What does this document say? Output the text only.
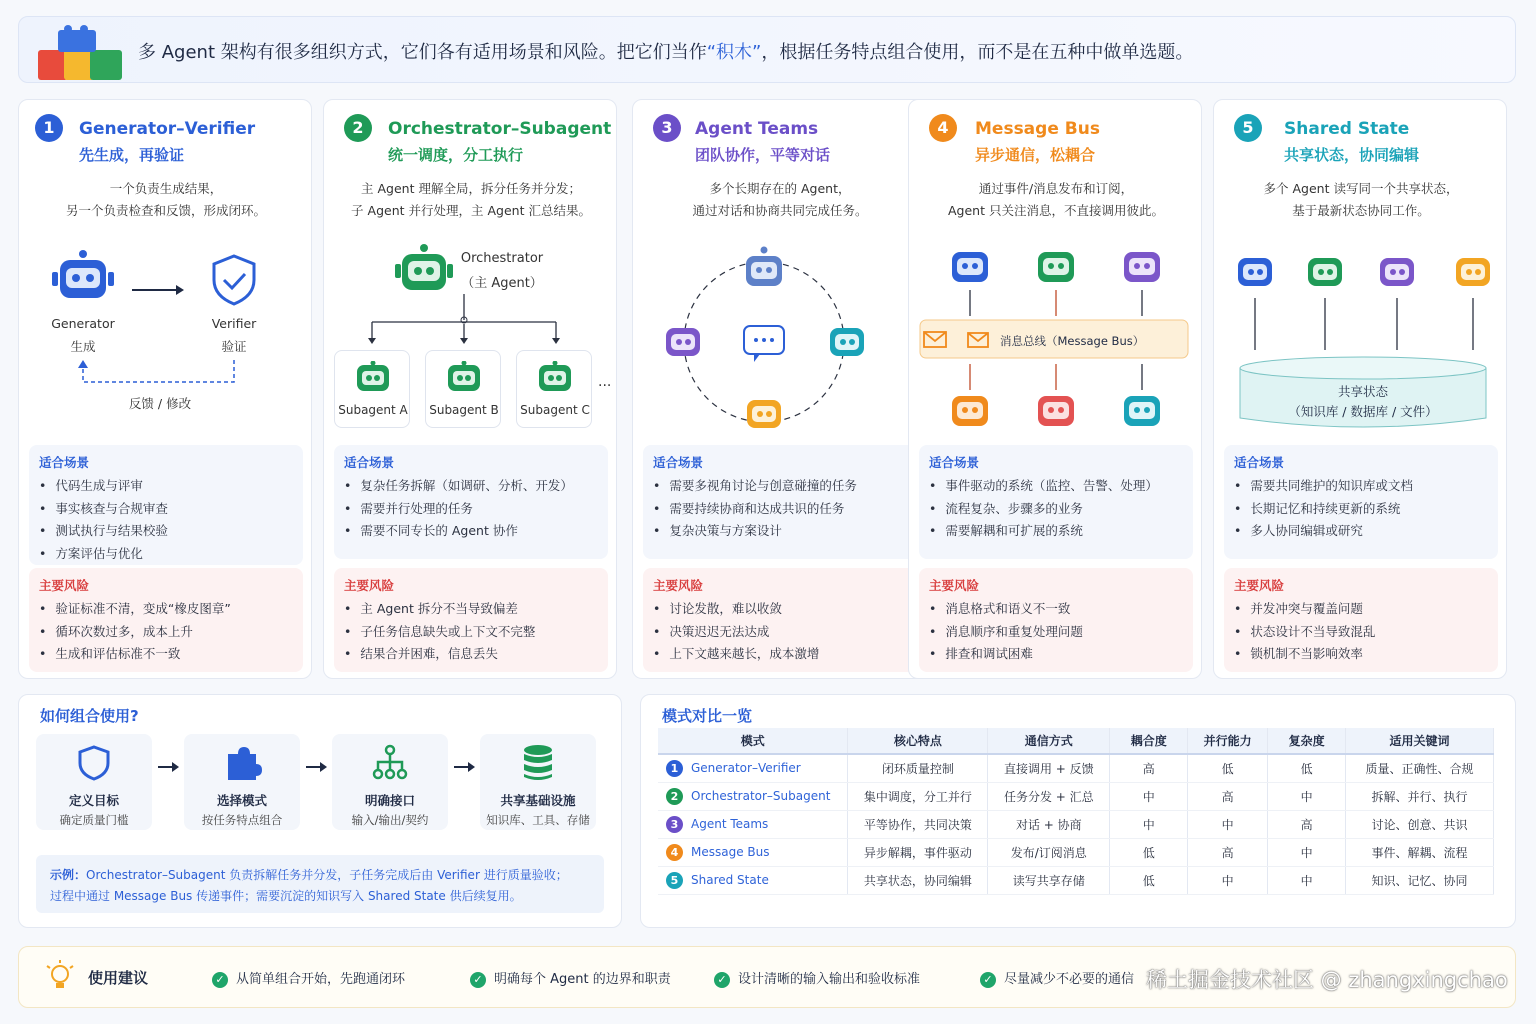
多 Agent 架构有很多组织方式，它们各有适用场景和风险。把它们当作“积木”，根据任务特点组合使用，而不是在五种中做单选题。
1	Generator–Verifier
先生成，再验证
一个负责生成结果，
另一个负责检查和反馈，形成闭环。
适合场景
• 代码生成与评审
• 事实核查与合规审查
• 测试执行与结果校验
• 方案评估与优化
主要风险
• 验证标准不清，变成“橡皮图章”
• 循环次数过多，成本上升
• 生成和评估标准不一致
2	Orchestrator–Subagent
统一调度，分工执行
主 Agent 理解全局，拆分任务并分发；
子 Agent 并行处理，主 Agent 汇总结果。
适合场景
• 复杂任务拆解（如调研、分析、开发）
• 需要并行处理的任务
• 需要不同专长的 Agent 协作
主要风险
• 主 Agent 拆分不当导致偏差
• 子任务信息缺失或上下文不完整
• 结果合并困难，信息丢失
3	Agent Teams
团队协作，平等对话
多个长期存在的 Agent，
通过对话和协商共同完成任务。
适合场景
• 需要多视角讨论与创意碰撞的任务
• 需要持续协商和达成共识的任务
• 复杂决策与方案设计
主要风险
• 讨论发散，难以收敛
• 决策迟迟无法达成
• 上下文越来越长，成本激增
4	Message Bus
异步通信，松耦合
通过事件/消息发布和订阅，
Agent 只关注消息，不直接调用彼此。
适合场景
• 事件驱动的系统（监控、告警、处理）
• 流程复杂、步骤多的业务
• 需要解耦和可扩展的系统
主要风险
• 消息格式和语义不一致
• 消息顺序和重复处理问题
• 排查和调试困难
5	Shared State
共享状态，协同编辑
多个 Agent 读写同一个共享状态，
基于最新状态协同工作。
适合场景
• 需要共同维护的知识库或文档
• 长期记忆和持续更新的系统
• 多人协同编辑或研究
主要风险
• 并发冲突与覆盖问题
• 状态设计不当导致混乱
• 锁机制不当影响效率
Generator
生成
Verifier
验证
反馈 / 修改
Orchestrator
（主 Agent）
Subagent A Subagent B Subagent C
···
消息总线（Message Bus）
共享状态
（知识库 / 数据库 / 文件）
如何组合使用?
定义目标
确定质量门槛
选择模式
按任务特点组合
明确接口
输入/输出/契约
共享基础设施
知识库、工具、存储
示例：Orchestrator–Subagent 负责拆解任务并分发，子任务完成后由 Verifier 进行质量验收；
过程中通过 Message Bus 传递事件；需要沉淀的知识写入 Shared State 供后续复用。
模式对比一览
模式	核心特点	通信方式	耦合度	并行能力	复杂度	适用关键词
1 Generator–Verifier	闭环质量控制	直接调用 + 反馈	高	低	低	质量、正确性、合规
2 Orchestrator–Subagent	集中调度，分工并行	任务分发 + 汇总	中	高	中	拆解、并行、执行
3 Agent Teams	平等协作，共同决策	对话 + 协商	中	中	高	讨论、创意、共识
4 Message Bus	异步解耦，事件驱动	发布/订阅消息	低	高	中	事件、解耦、流程
5 Shared State	共享状态，协同编辑	读写共享存储	低	中	中	知识、记忆、协同
使用建议	✓ 从简单组合开始，先跑通闭环	✓ 明确每个 Agent 的边界和职责	✓ 设计清晰的输入输出和验收标准	✓ 尽量减少不必要的通信 稀土掘金技术社区 @ zhangxingchao
